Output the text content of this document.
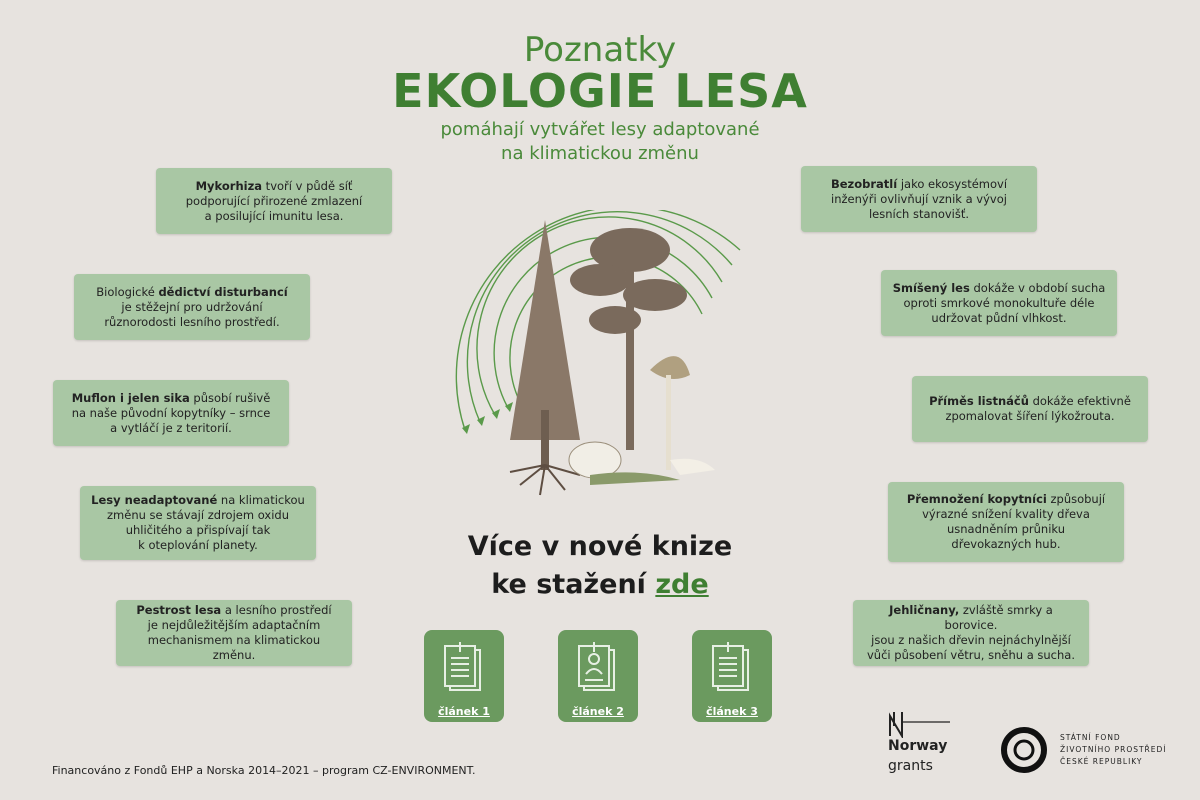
Poznatky
EKOLOGIE LESA
pomáhají vytvářet lesy adaptované
na klimatickou změnu
Mykorhiza tvoří v půdě síť
podporující přirozené zmlazení
a posilující imunitu lesa.
Biologické dědictví disturbancí
je stěžejní pro udržování
různorodosti lesního prostředí.
Muflon i jelen sika působí rušivě
na naše původní kopytníky – srnce
a vytláčí je z teritorií.
Lesy neadaptované na klimatickou
změnu se stávají zdrojem oxidu
uhličitého a přispívají tak
k oteplování planety.
Pestrost lesa a lesního prostředí
je nejdůležitějším adaptačním
mechanismem na klimatickou změnu.
Bezobratlí jako ekosystémoví
inženýři ovlivňují vznik a vývoj
lesních stanovišť.
Smíšený les dokáže v období sucha
oproti smrkové monokultuře déle
udržovat půdní vlhkost.
Příměs listnáčů dokáže efektivně
zpomalovat šíření lýkožrouta.
Přemnožení kopytníci způsobují
výrazné snížení kvality dřeva
usnadněním průniku
dřevokazných hub.
Jehličnany, zvláště smrky a borovice.
jsou z našich dřevin nejnáchylnější
vůči působení větru, sněhu a sucha.
Více v nové knize
ke stažení zde
článek 1	článek 2	článek 3
Financováno z Fondů EHP a Norska 2014–2021 – program CZ-ENVIRONMENT.
Norway
grants
STÁTNÍ FOND
ŽIVOTNÍHO PROSTŘEDÍ
ČESKÉ REPUBLIKY
